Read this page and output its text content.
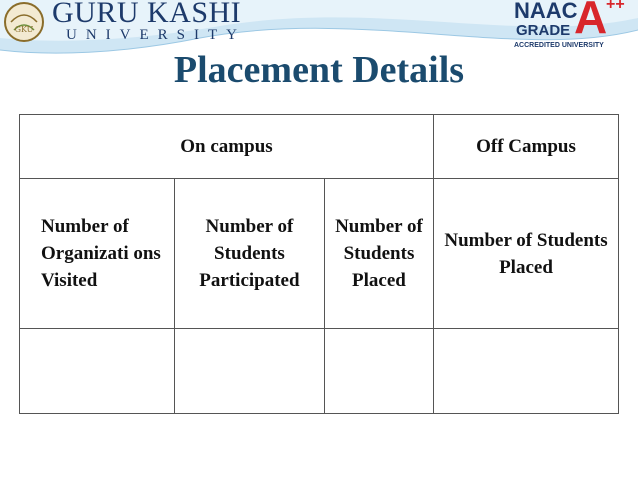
GKU
GURU KASHI
UNIVERSITY
NAAC
GRADE A
++
ACCREDITED UNIVERSITY
Placement Details
On campus			Off Campus
Number of Organizati ons Visited	Number of Students Participated	Number of Students Placed	Number of Students Placed
